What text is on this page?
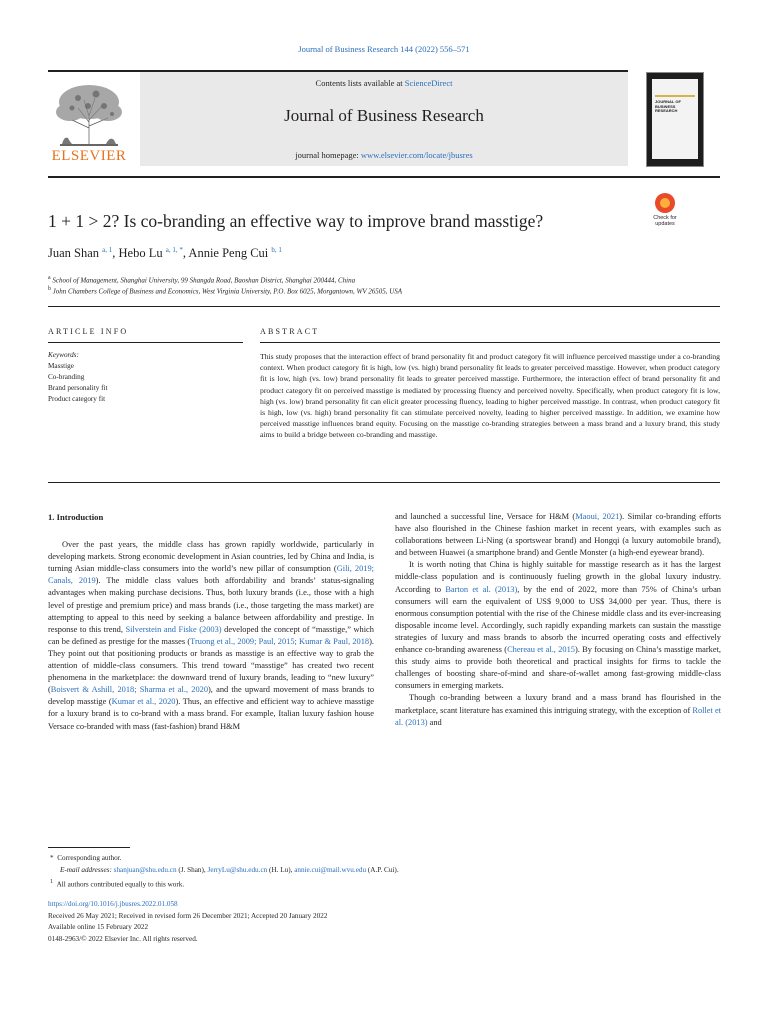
Journal of Business Research 144 (2022) 556–571
ELSEVIER
Contents lists available at ScienceDirect
Journal of Business Research
journal homepage: www.elsevier.com/locate/jbusres
JOURNAL OF
BUSINESS
RESEARCH
1 + 1 > 2? Is co-branding an effective way to improve brand masstige?	Check for
updates
Juan Shan $^{a, 1}$, Hebo Lu $^{a, 1, *}$, Annie Peng Cui $^{b, 1}$
$^a$ School of Management, Shanghai University, 99 Shangda Road, Baoshan District, Shanghai 200444, China
$^b$ John Chambers College of Business and Economics, West Virginia University, P.O. Box 6025, Morgantown, WV 26505, USA
ARTICLE INFO	ABSTRACT
Keywords:
Masstige
Co-branding
Brand personality fit
Product category fit
This study proposes that the interaction effect of brand personality fit and product category fit will influence perceived masstige under a co-branding context. When product category fit is high, low (vs. high) brand personality fit leads to greater perceived masstige. However, when product category fit is low, high (vs. low) brand personality fit leads to greater perceived masstige. Furthermore, the interaction effect of brand personality fit and product category fit on perceived masstige is mediated by processing fluency and perceived novelty. Specifically, when product category fit is low, high (vs. low) brand personality fit can elicit greater processing fluency, leading to higher perceived masstige. In contrast, when product category fit is high, low (vs. high) brand personality fit can stimulate perceived novelty, leading to higher perceived masstige. In addition, we examine how perceived masstige influences brand equity. Focusing on the masstige co-branding strategies between a mass brand and a luxury brand, this study aims to build a bridge between co-branding and masstige.
1. Introduction

Over the past years, the middle class has grown rapidly worldwide, particularly in developing markets. Strong economic development in Asian countries, led by China and India, is turning Asian middle-class consumers into the world’s new pillar of consumption (Gili, 2019; Canals, 2019). The middle class values both affordability and brands’ status-signaling advantages when making purchase decisions. Thus, both luxury brands (i.e., those with a high level of prestige and premium price) and mass brands (i.e., those targeting the mass market) are attempting to appeal to this need by seeking a balance between affordability and prestige. In response to this trend, Silverstein and Fiske (2003) developed the concept of “masstige,” which can be defined as prestige for the masses (Truong et al., 2009; Paul, 2015; Kumar & Paul, 2018). They point out that positioning products or brands as masstige is an effective way to grab the attention of middle-class consumers. This trend toward “masstige” has created two recent phenomena in the marketplace: the downward trend of luxury brands, leading to “new luxury” (Boisvert & Ashill, 2018; Sharma et al., 2020), and the upward movement of mass brands to develop masstige (Kumar et al., 2020). Thus, an effective and efficient way to achieve masstige for a luxury brand is to co-brand with a mass brand. For example, Italian luxury fashion house Versace co-branded with mass (fast-fashion) brand H&M

and launched a successful line, Versace for H&M (Maoui, 2021). Similar co-branding efforts have also flourished in the Chinese fashion market in recent years, with examples such as collaborations between Li-Ning (a sportswear brand) and Hongqi (a luxury automobile brand), and between Huawei (a smartphone brand) and Gentle Monster (a high-end eyewear brand).

It is worth noting that China is highly suitable for masstige research as it has the largest middle-class population and is continuously fueling growth in the global luxury industry. According to Barton et al. (2013), by the end of 2022, more than 75% of China’s urban consumers will earn the equivalent of US$ 9,000 to US$ 34,000 per year. Thus, there is enormous consumption potential with the rise of the Chinese middle class and its ever-increasing disposable income level. Accordingly, such rapidly expanding markets can sustain the masstige strategies of luxury and mass brands to absorb the incurred operating costs and effectively enhance co-branding awareness (Chereau et al., 2015). By focusing on China’s masstige market, this study aims to provide both theoretical and practical insights for firms to tackle the challenges of boosting share-of-mind and share-of-wallet among fast-growing middle-class consumers in emerging markets.

Though co-branding between a luxury brand and a mass brand has flourished in the marketplace, scant literature has examined this intriguing strategy, with the exception of Rollet et al. (2013) and

* Corresponding author.
E-mail addresses: shanjuan@shu.edu.cn (J. Shan), JerryLu@shu.edu.cn (H. Lu), annie.cui@mail.wvu.edu (A.P. Cui).
$^1$ All authors contributed equally to this work.
https://doi.org/10.1016/j.jbusres.2022.01.058
Received 26 May 2021; Received in revised form 26 December 2021; Accepted 20 January 2022
Available online 15 February 2022
0148-2963/© 2022 Elsevier Inc. All rights reserved.
